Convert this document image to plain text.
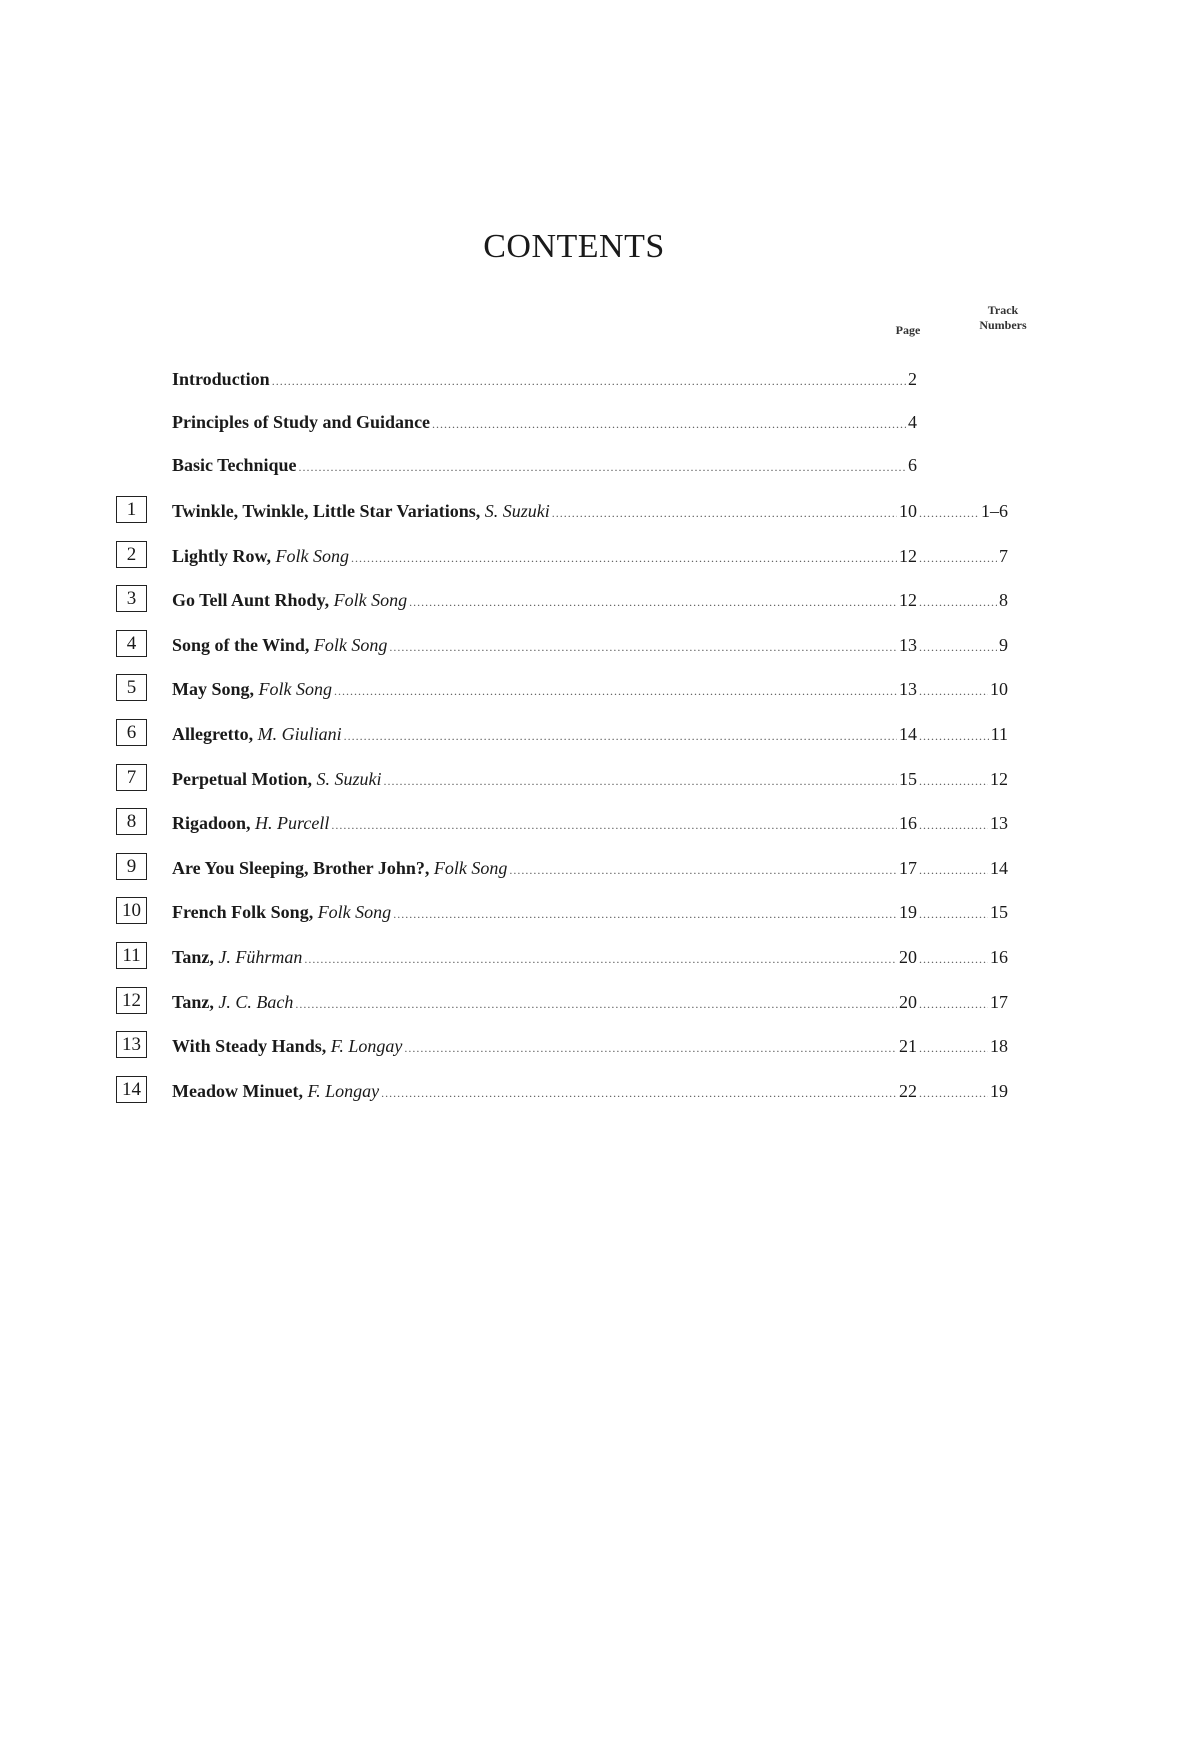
CONTENTS
Page
Track
Numbers
Introduction .....	2
Principles of Study and Guidance .....	4
Basic Technique .....	6
1	Twinkle, Twinkle, Little Star Variations,
S. Suzuki .....	10 .....	1–6
2	Lightly Row,
Folk Song .....	12 .....	7
3	Go Tell Aunt Rhody,
Folk Song .....	12 .....	8
4	Song of the Wind,
Folk Song .....	13 .....	9
5	May Song,
Folk Song .....	13 .....	10
6	Allegretto,
M. Giuliani .....	14 .....	11
7	Perpetual Motion,
S. Suzuki .....	15 .....	12
8	Rigadoon,
H. Purcell .....	16 .....	13
9	Are You Sleeping, Brother John?,
Folk Song .....	17 .....	14
10	French Folk Song,
Folk Song .....	19 .....	15
11	Tanz,
J. Führman .....	20 .....	16
12	Tanz,
J. C. Bach .....	20 .....	17
13	With Steady Hands,
F. Longay .....	21 .....	18
14	Meadow Minuet,
F. Longay .....	22 .....	19
